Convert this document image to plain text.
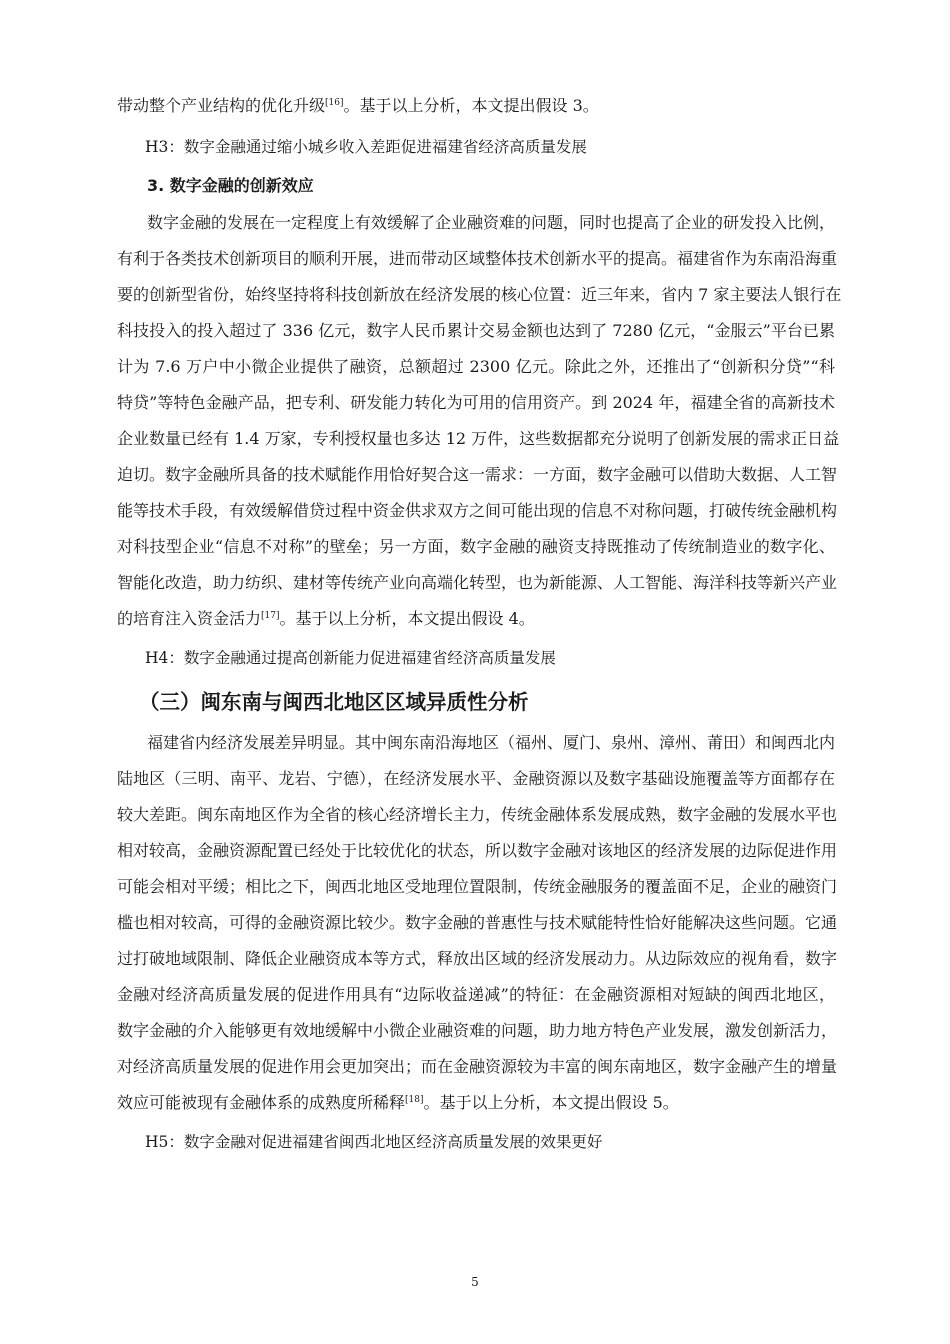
带动整个产业结构的优化升级[16]。基于以上分析，本文提出假设 3。
H3：数字金融通过缩小城乡收入差距促进福建省经济高质量发展
3. 数字金融的创新效应
数字金融的发展在一定程度上有效缓解了企业融资难的问题，同时也提高了企业的研发投入比例，
有利于各类技术创新项目的顺利开展，进而带动区域整体技术创新水平的提高。福建省作为东南沿海重
要的创新型省份，始终坚持将科技创新放在经济发展的核心位置：近三年来，省内 7 家主要法人银行在
科技投入的投入超过了 336 亿元，数字人民币累计交易金额也达到了 7280 亿元，“金服云”平台已累
计为 7.6 万户中小微企业提供了融资，总额超过 2300 亿元。除此之外，还推出了“创新积分贷”“科
特贷”等特色金融产品，把专利、研发能力转化为可用的信用资产。到 2024 年，福建全省的高新技术
企业数量已经有 1.4 万家，专利授权量也多达 12 万件，这些数据都充分说明了创新发展的需求正日益
迫切。数字金融所具备的技术赋能作用恰好契合这一需求：一方面，数字金融可以借助大数据、人工智
能等技术手段，有效缓解借贷过程中资金供求双方之间可能出现的信息不对称问题，打破传统金融机构
对科技型企业“信息不对称”的壁垒；另一方面，数字金融的融资支持既推动了传统制造业的数字化、
智能化改造，助力纺织、建材等传统产业向高端化转型，也为新能源、人工智能、海洋科技等新兴产业
的培育注入资金活力[17]。基于以上分析，本文提出假设 4。
H4：数字金融通过提高创新能力促进福建省经济高质量发展
（三）闽东南与闽西北地区区域异质性分析
福建省内经济发展差异明显。其中闽东南沿海地区（福州、厦门、泉州、漳州、莆田）和闽西北内
陆地区（三明、南平、龙岩、宁德），在经济发展水平、金融资源以及数字基础设施覆盖等方面都存在
较大差距。闽东南地区作为全省的核心经济增长主力，传统金融体系发展成熟，数字金融的发展水平也
相对较高，金融资源配置已经处于比较优化的状态，所以数字金融对该地区的经济发展的边际促进作用
可能会相对平缓；相比之下，闽西北地区受地理位置限制，传统金融服务的覆盖面不足，企业的融资门
槛也相对较高，可得的金融资源比较少。数字金融的普惠性与技术赋能特性恰好能解决这些问题。它通
过打破地域限制、降低企业融资成本等方式，释放出区域的经济发展动力。从边际效应的视角看，数字
金融对经济高质量发展的促进作用具有“边际收益递减”的特征：在金融资源相对短缺的闽西北地区，
数字金融的介入能够更有效地缓解中小微企业融资难的问题，助力地方特色产业发展，激发创新活力，
对经济高质量发展的促进作用会更加突出；而在金融资源较为丰富的闽东南地区，数字金融产生的增量
效应可能被现有金融体系的成熟度所稀释[18]。基于以上分析，本文提出假设 5。
H5：数字金融对促进福建省闽西北地区经济高质量发展的效果更好
5
